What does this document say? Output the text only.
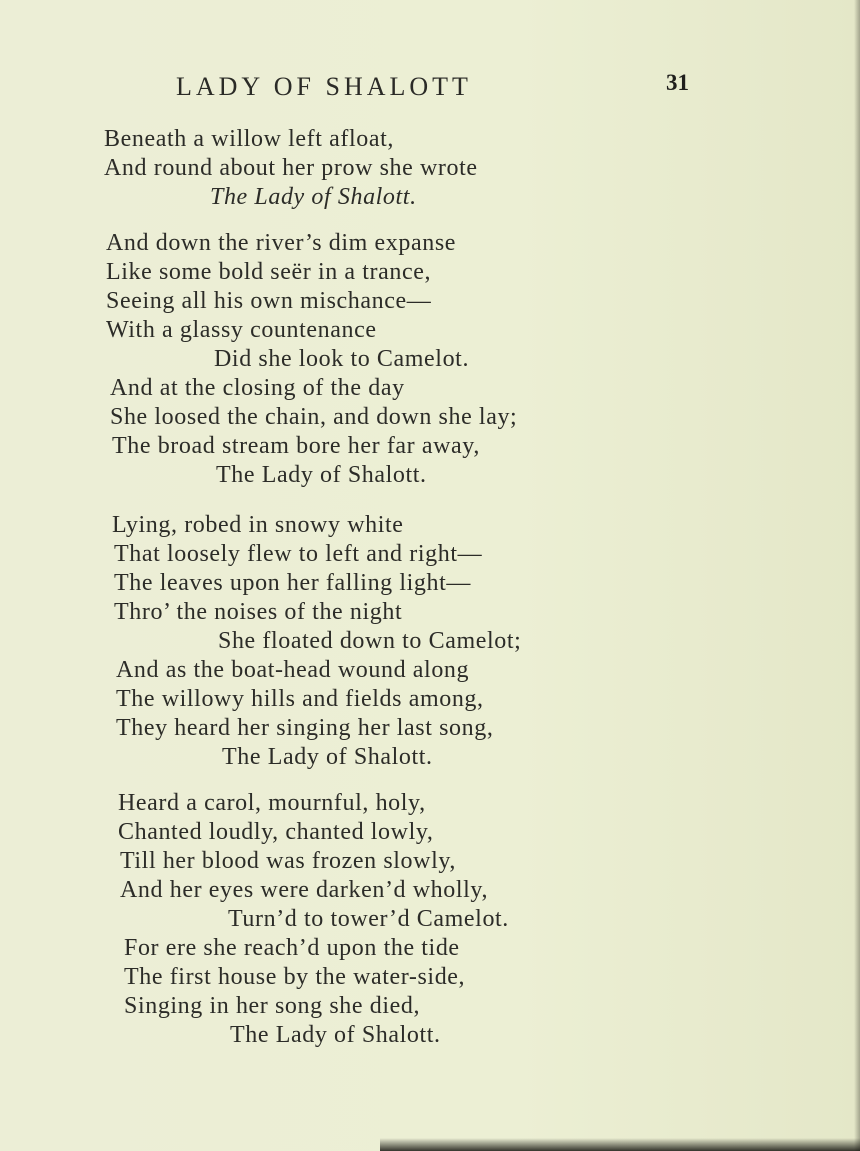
LADY OF SHALOTT	31
Beneath a willow left afloat,
And round about her prow she wrote
The Lady of Shalott.
And down the river’s dim expanse
Like some bold seër in a trance,
Seeing all his own mischance—
With a glassy countenance
Did she look to Camelot.
And at the closing of the day
She loosed the chain, and down she lay;
The broad stream bore her far away,
The Lady of Shalott.
Lying, robed in snowy white
That loosely flew to left and right—
The leaves upon her falling light—
Thro’ the noises of the night
She floated down to Camelot;
And as the boat-head wound along
The willowy hills and fields among,
They heard her singing her last song,
The Lady of Shalott.
Heard a carol, mournful, holy,
Chanted loudly, chanted lowly,
Till her blood was frozen slowly,
And her eyes were darken’d wholly,
Turn’d to tower’d Camelot.
For ere she reach’d upon the tide
The first house by the water-side,
Singing in her song she died,
The Lady of Shalott.
